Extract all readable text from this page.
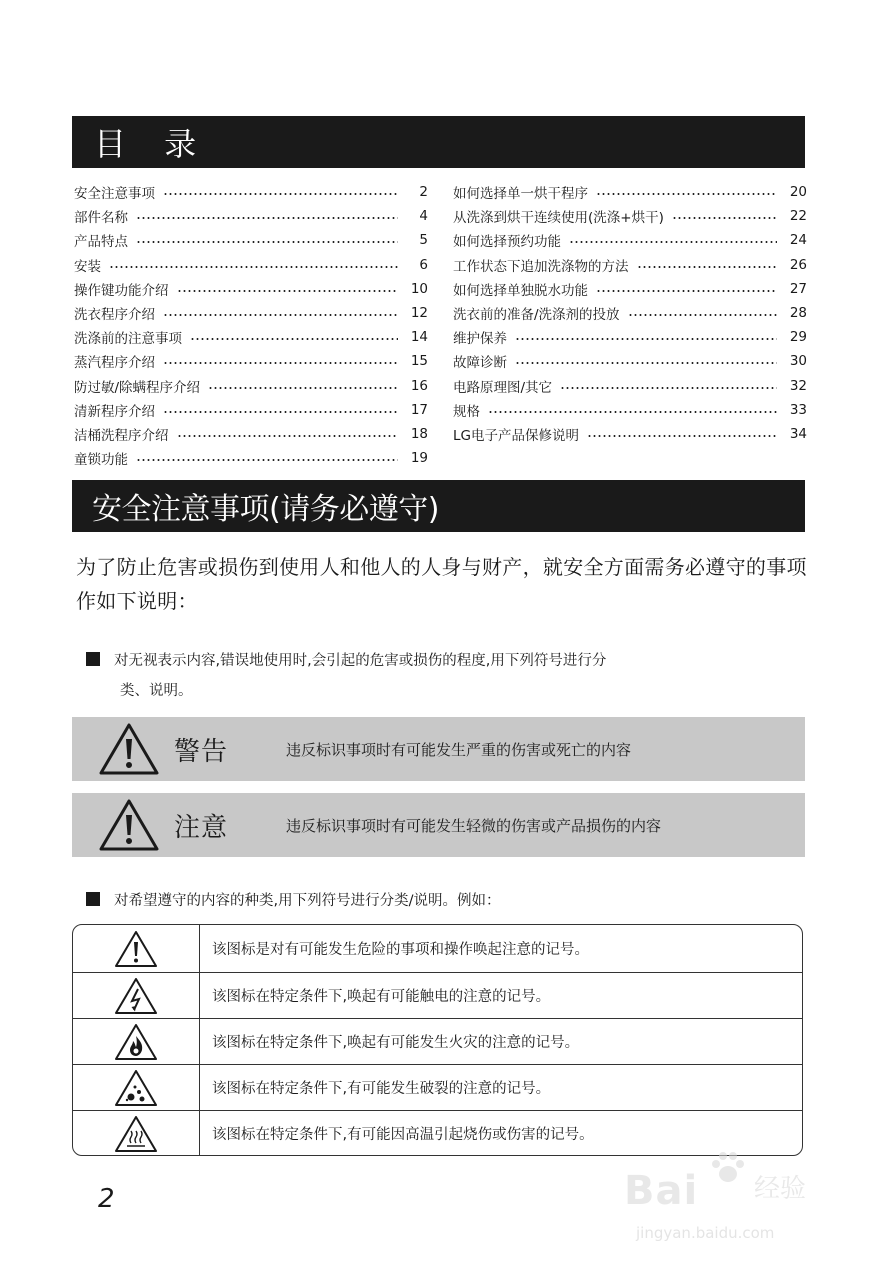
目 录
安全注意事项	2
部件名称	4
产品特点	5
安装	6
操作键功能介绍	10
洗衣程序介绍	12
洗涤前的注意事项	14
蒸汽程序介绍	15
防过敏/除螨程序介绍	16
清新程序介绍	17
洁桶洗程序介绍	18
童锁功能	19
如何选择单一烘干程序	20
从洗涤到烘干连续使用(洗涤+烘干)	22
如何选择预约功能	24
工作状态下追加洗涤物的方法	26
如何选择单独脱水功能	27
洗衣前的准备/洗涤剂的投放	28
维护保养	29
故障诊断	30
电路原理图/其它	32
规格	33
LG电子产品保修说明	34
安全注意事项(请务必遵守)
为了防止危害或损伤到使用人和他人的人身与财产，就安全方面需务必遵守的事项作如下说明：
对无视表示内容,错误地使用时,会引起的危害或损伤的程度,用下列符号进行分
类、说明。
警告	违反标识事项时有可能发生严重的伤害或死亡的内容
注意	违反标识事项时有可能发生轻微的伤害或产品损伤的内容
对希望遵守的内容的种类,用下列符号进行分类/说明。例如：
该图标是对有可能发生危险的事项和操作唤起注意的记号。
该图标在特定条件下,唤起有可能触电的注意的记号。
该图标在特定条件下,唤起有可能发生火灾的注意的记号。
该图标在特定条件下,有可能发生破裂的注意的记号。
该图标在特定条件下,有可能因高温引起烧伤或伤害的记号。
2	Bai 经验
jingyan.baidu.com
